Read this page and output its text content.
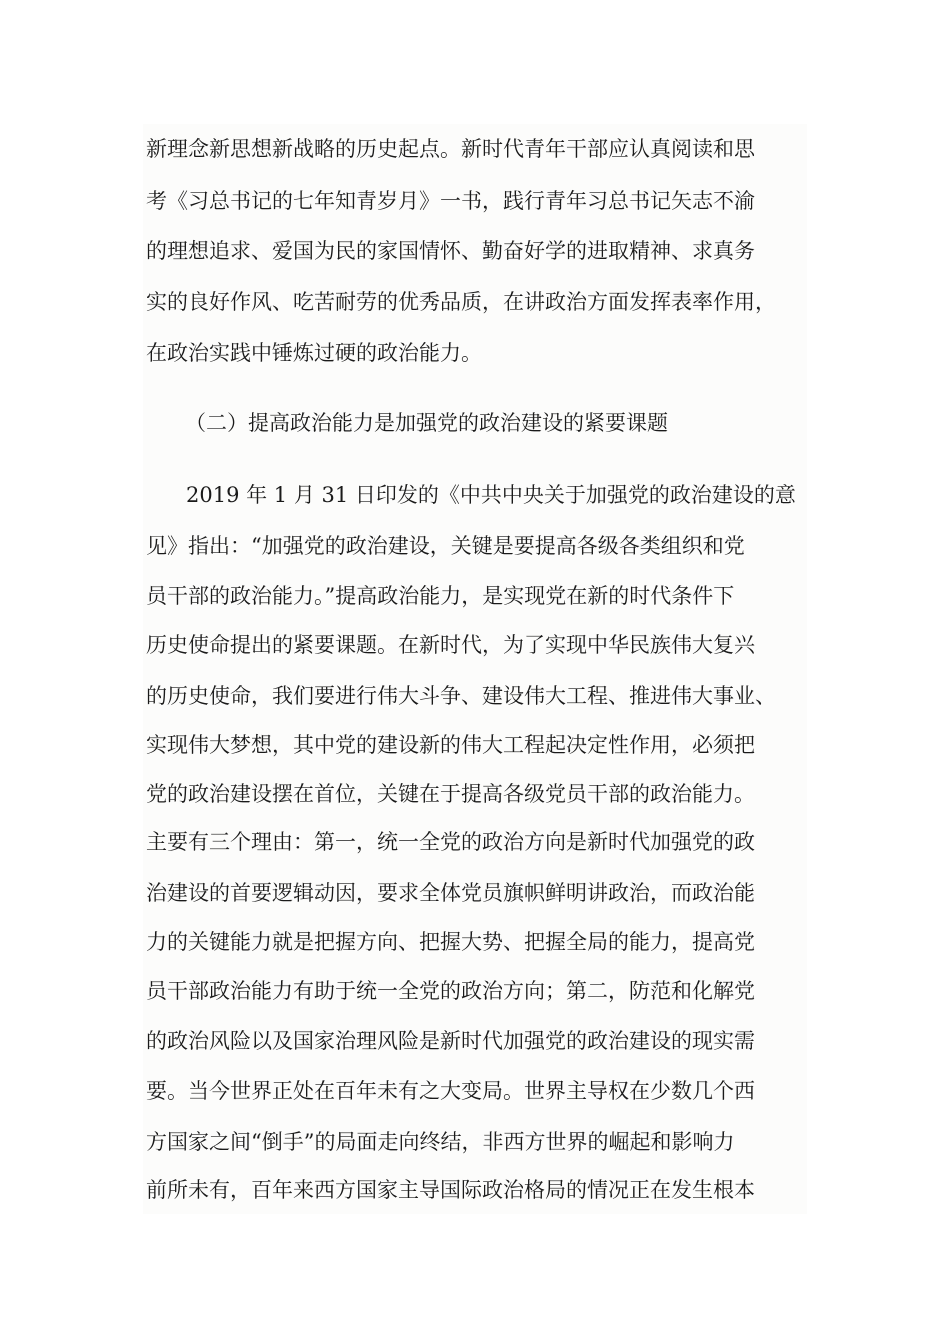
新理念新思想新战略的历史起点。新时代青年干部应认真阅读和思
考《习总书记的七年知青岁月》一书，践行青年习总书记矢志不渝
的理想追求、爱国为民的家国情怀、勤奋好学的进取精神、求真务
实的良好作风、吃苦耐劳的优秀品质，在讲政治方面发挥表率作用，
在政治实践中锤炼过硬的政治能力。
（二）提高政治能力是加强党的政治建设的紧要课题
2019 年 1 月 31 日印发的《中共中央关于加强党的政治建设的意
见》指出：“加强党的政治建设，关键是要提高各级各类组织和党
员干部的政治能力。”提高政治能力，是实现党在新的时代条件下
历史使命提出的紧要课题。在新时代，为了实现中华民族伟大复兴
的历史使命，我们要进行伟大斗争、建设伟大工程、推进伟大事业、
实现伟大梦想，其中党的建设新的伟大工程起决定性作用，必须把
党的政治建设摆在首位，关键在于提高各级党员干部的政治能力。
主要有三个理由：第一，统一全党的政治方向是新时代加强党的政
治建设的首要逻辑动因，要求全体党员旗帜鲜明讲政治，而政治能
力的关键能力就是把握方向、把握大势、把握全局的能力，提高党
员干部政治能力有助于统一全党的政治方向；第二，防范和化解党
的政治风险以及国家治理风险是新时代加强党的政治建设的现实需
要。当今世界正处在百年未有之大变局。世界主导权在少数几个西
方国家之间“倒手”的局面走向终结，非西方世界的崛起和影响力
前所未有，百年来西方国家主导国际政治格局的情况正在发生根本
